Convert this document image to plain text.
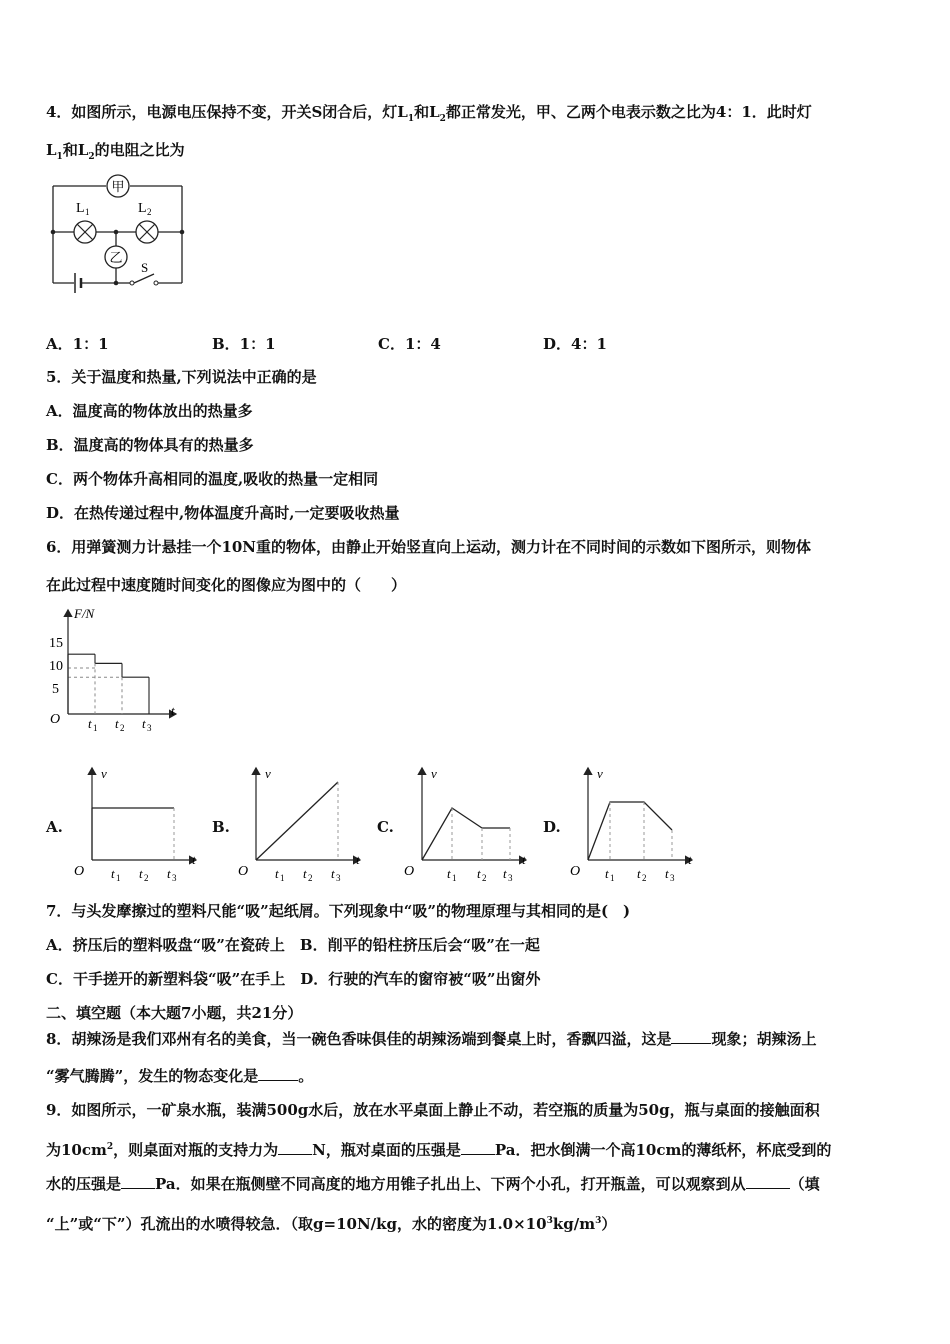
4．如图所示，电源电压保持不变，开关S闭合后，灯$L_1$和$L_2$都正常发光，甲、乙两个电表示数之比为4：1．此时灯
$L_1$和$L_2$的电阻之比为
甲
乙
L 1	L 2
S
A．1：1	B．1：1	C．1：4	D．4：1
5．关于温度和热量,下列说法中正确的是
A．温度高的物体放出的热量多
B．温度高的物体具有的热量多
C．两个物体升高相同的温度,吸收的热量一定相同
D．在热传递过程中,物体温度升高时,一定要吸收热量
6．用弹簧测力计悬挂一个10N重的物体，由静止开始竖直向上运动，测力计在不同时间的示数如下图所示，则物体
在此过程中速度随时间变化的图像应为图中的（　　）
F/N
t
O
15
10
5
t 1 t 2 t 3
A.	B.	C.	D.
v
t
O t 1 t 2 t 3
v
t
O t 1 t 2 t 3
v
t
O	t 1 t 2 t 3
v
t
O t 1 t 2 t 3
7．与头发摩擦过的塑料尺能“吸”起纸屑。下列现象中“吸”的物理原理与其相同的是(　)
A．挤压后的塑料吸盘“吸”在瓷砖上　B．削平的铅柱挤压后会“吸”在一起
C．干手搓开的新塑料袋“吸”在手上　D．行驶的汽车的窗帘被“吸”出窗外
二、填空题（本大题7小题，共21分）
8．胡辣汤是我们邓州有名的美食，当一碗色香味俱佳的胡辣汤端到餐桌上时，香飘四溢，这是	现象；胡辣汤上
“雾气腾腾”，发生的物态变化是	。
9．如图所示，一矿泉水瓶，装满500g水后，放在水平桌面上静止不动，若空瓶的质量为50g，瓶与桌面的接触面积
为$10cm^2$，则桌面对瓶的支持力为 N，瓶对桌面的压强是 Pa．把水倒满一个高10cm的薄纸杯，杯底受到的
水的压强是 Pa．如果在瓶侧壁不同高度的地方用锥子扎出上、下两个小孔，打开瓶盖，可以观察到从	（填
“上”或“下”）孔流出的水喷得较急．（取g=10N/kg，水的密度为$1.0\times 10^3kg/m^3$）
